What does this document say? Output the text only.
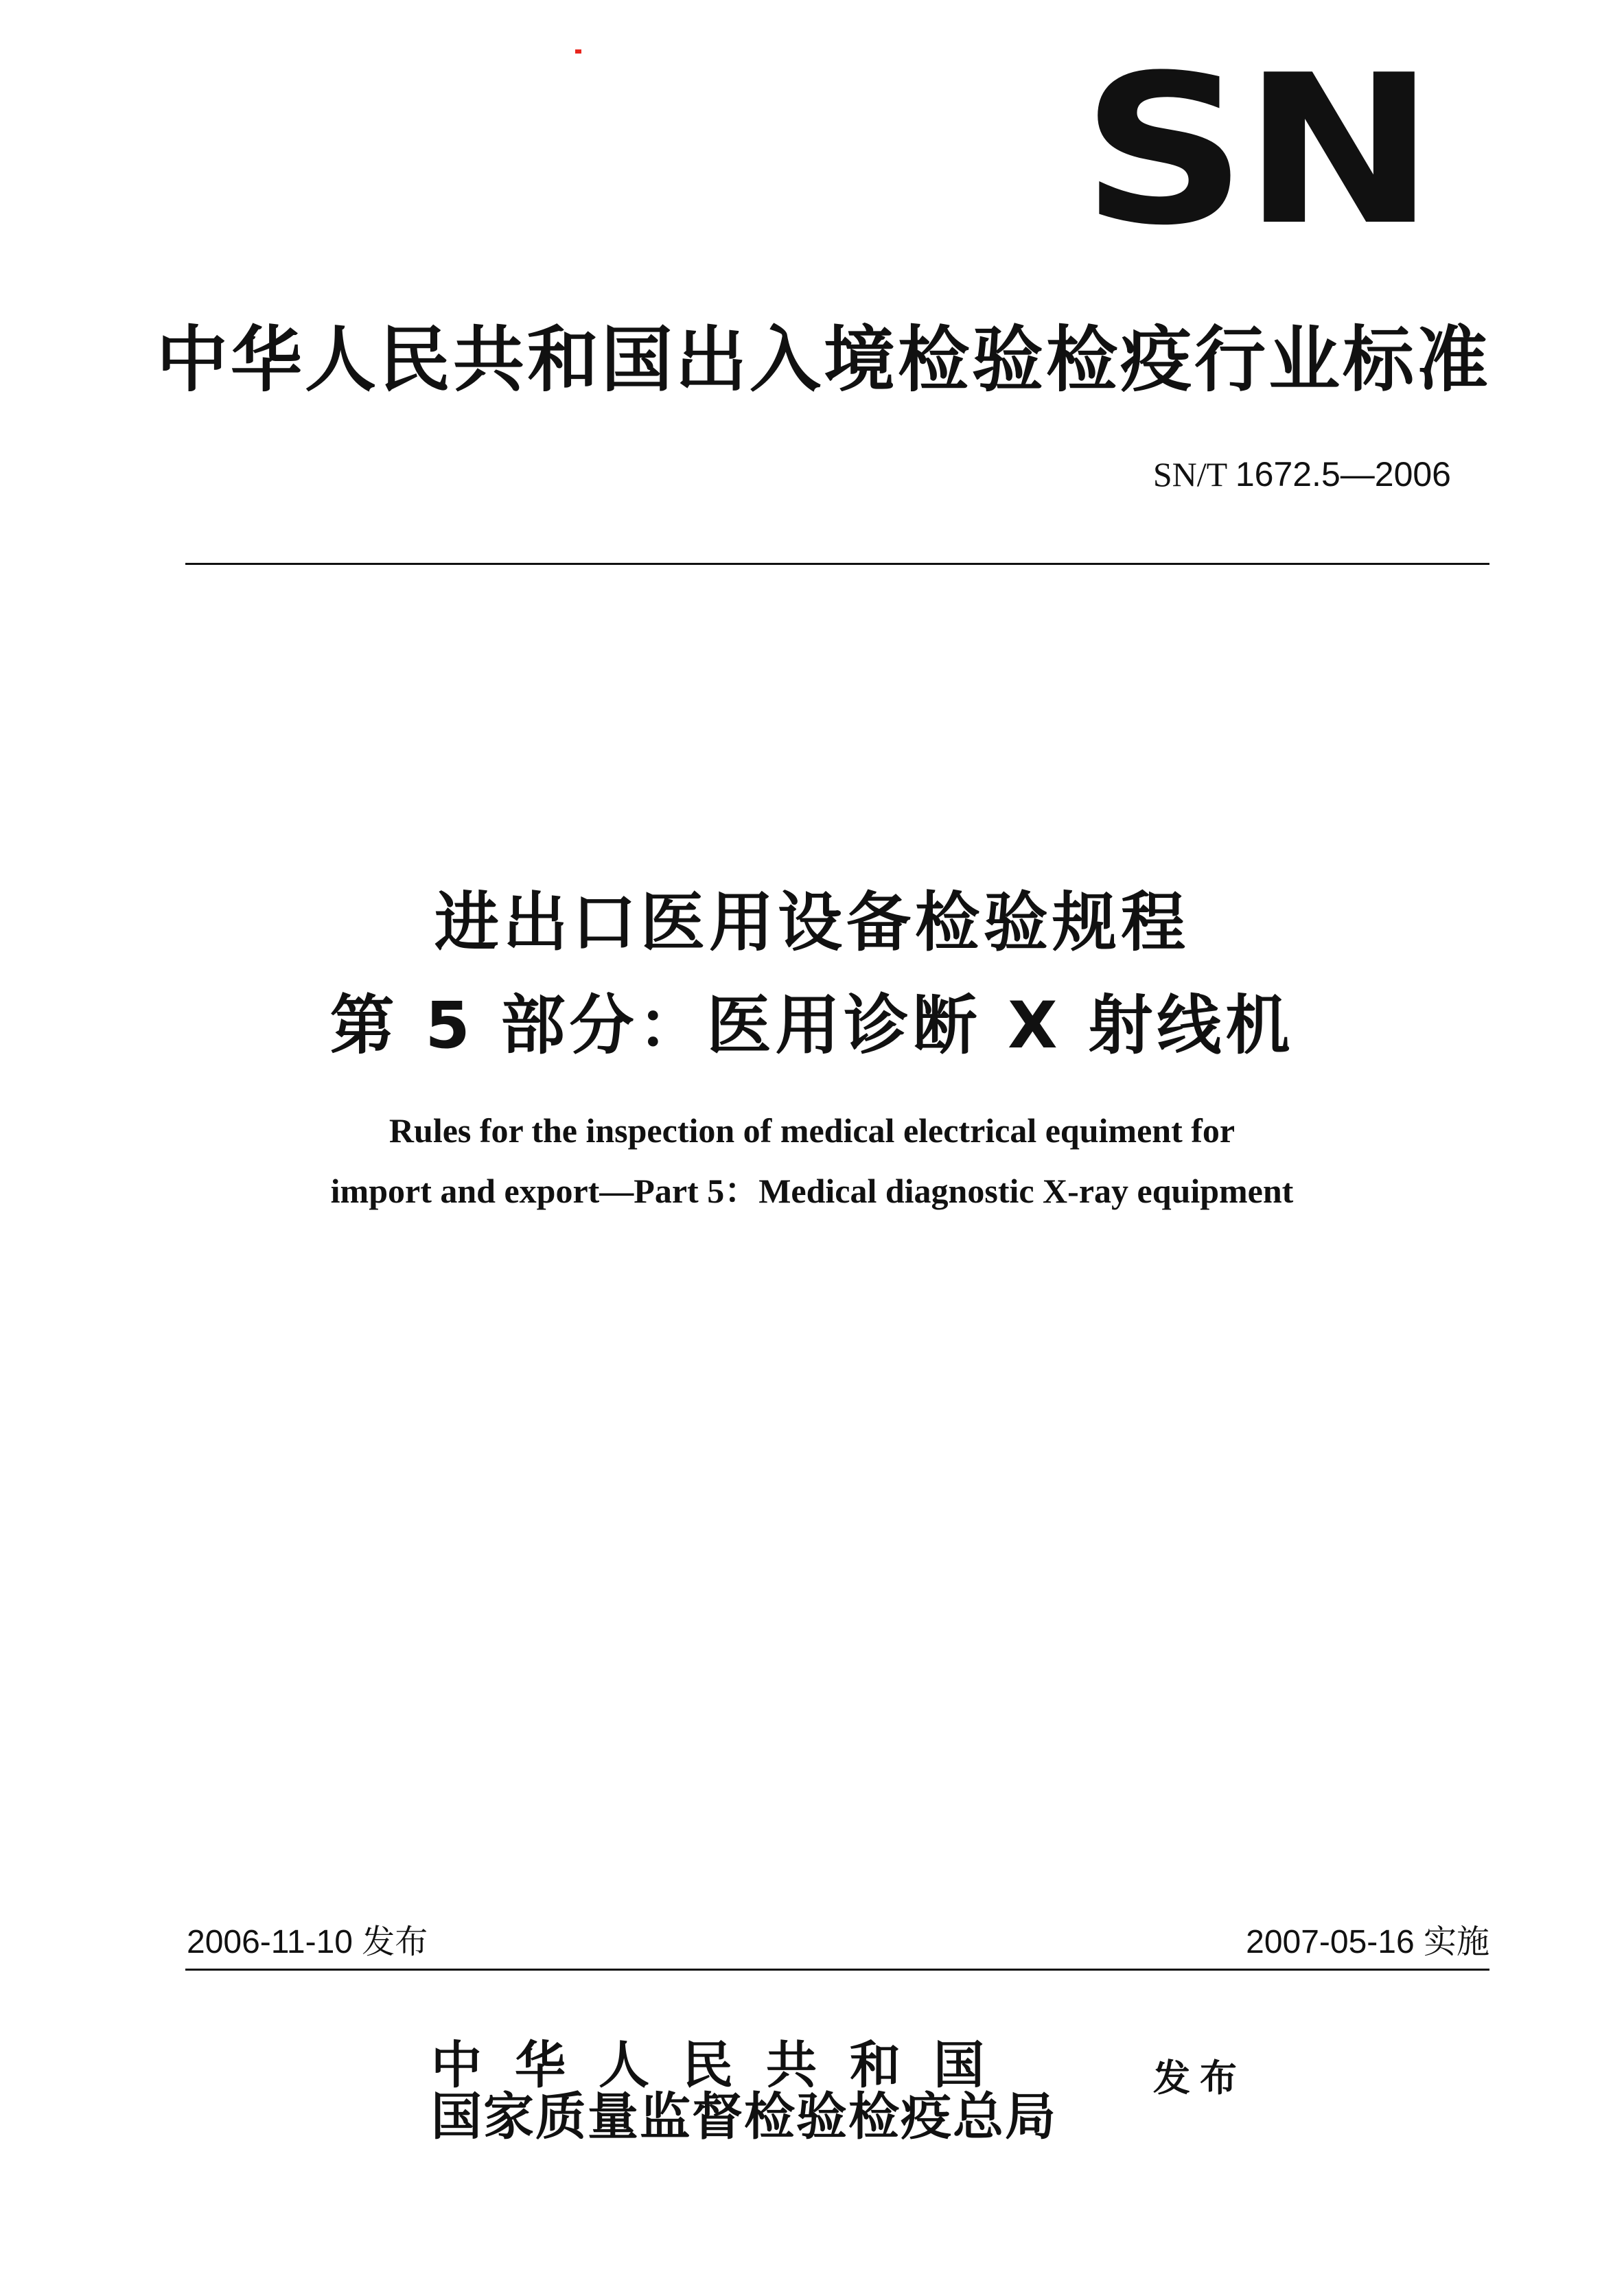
SN
中华人民共和国出入境检验检疫行业标准
SN/T 1672.5—2006
进出口医用设备检验规程
第 5 部分：医用诊断 X 射线机
Rules for the inspection of medical electrical equiment for
import and export—Part 5：Medical diagnostic X-ray equipment
2006-11-10 发布	2007-05-16 实施
中华人民共和国
国家质量监督检验检疫总局
发布
